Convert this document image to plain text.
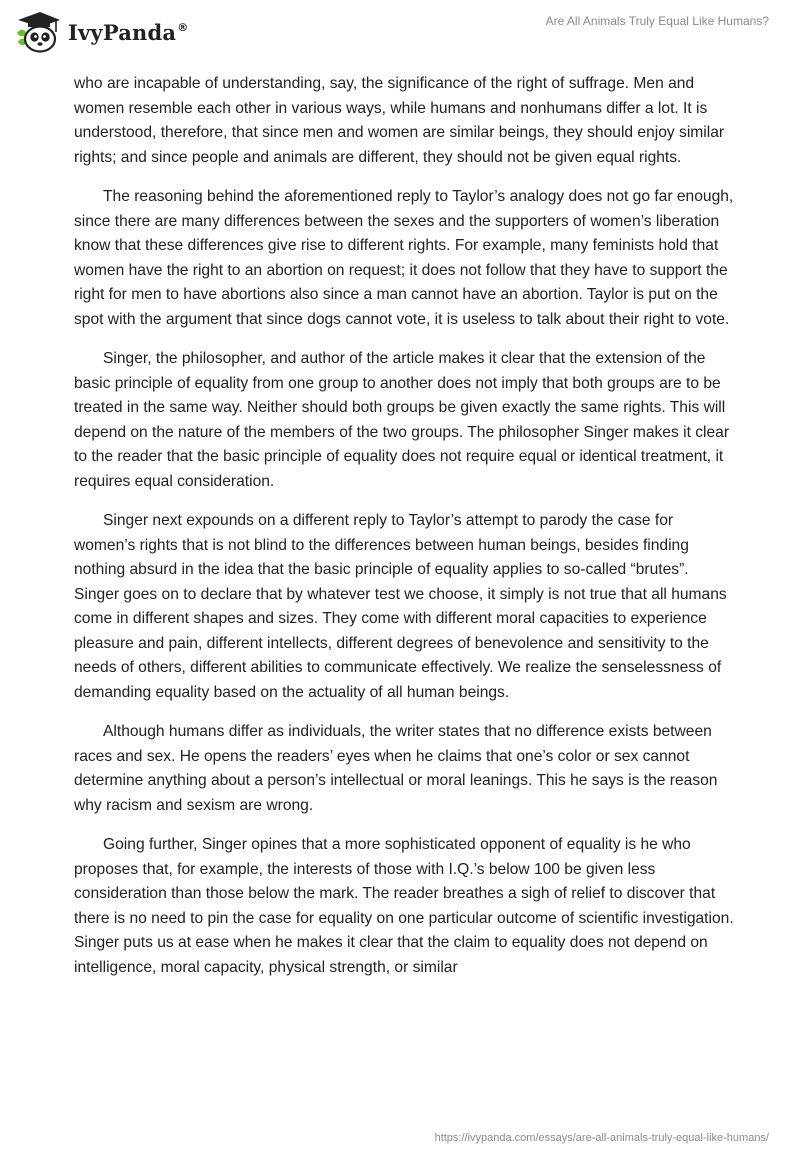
IvyPanda®	Are All Animals Truly Equal Like Humans?

who are incapable of understanding, say, the significance of the right of suffrage. Men and women resemble each other in various ways, while humans and nonhumans differ a lot. It is understood, therefore, that since men and women are similar beings, they should enjoy similar rights; and since people and animals are different, they should not be given equal rights.

The reasoning behind the aforementioned reply to Taylor’s analogy does not go far enough, since there are many differences between the sexes and the supporters of women’s liberation know that these differences give rise to different rights. For example, many feminists hold that women have the right to an abortion on request; it does not follow that they have to support the right for men to have abortions also since a man cannot have an abortion. Taylor is put on the spot with the argument that since dogs cannot vote, it is useless to talk about their right to vote.

Singer, the philosopher, and author of the article makes it clear that the extension of the basic principle of equality from one group to another does not imply that both groups are to be treated in the same way. Neither should both groups be given exactly the same rights. This will depend on the nature of the members of the two groups. The philosopher Singer makes it clear to the reader that the basic principle of equality does not require equal or identical treatment, it requires equal consideration.

Singer next expounds on a different reply to Taylor’s attempt to parody the case for women’s rights that is not blind to the differences between human beings, besides finding nothing absurd in the idea that the basic principle of equality applies to so-called “brutes”. Singer goes on to declare that by whatever test we choose, it simply is not true that all humans come in different shapes and sizes. They come with different moral capacities to experience pleasure and pain, different intellects, different degrees of benevolence and sensitivity to the needs of others, different abilities to communicate effectively. We realize the senselessness of demanding equality based on the actuality of all human beings.

Although humans differ as individuals, the writer states that no difference exists between races and sex. He opens the readers’ eyes when he claims that one’s color or sex cannot determine anything about a person’s intellectual or moral leanings. This he says is the reason why racism and sexism are wrong.

Going further, Singer opines that a more sophisticated opponent of equality is he who proposes that, for example, the interests of those with I.Q.’s below 100 be given less consideration than those below the mark. The reader breathes a sigh of relief to discover that there is no need to pin the case for equality on one particular outcome of scientific investigation. Singer puts us at ease when he makes it clear that the claim to equality does not depend on intelligence, moral capacity, physical strength, or similar

https://ivypanda.com/essays/are-all-animals-truly-equal-like-humans/
